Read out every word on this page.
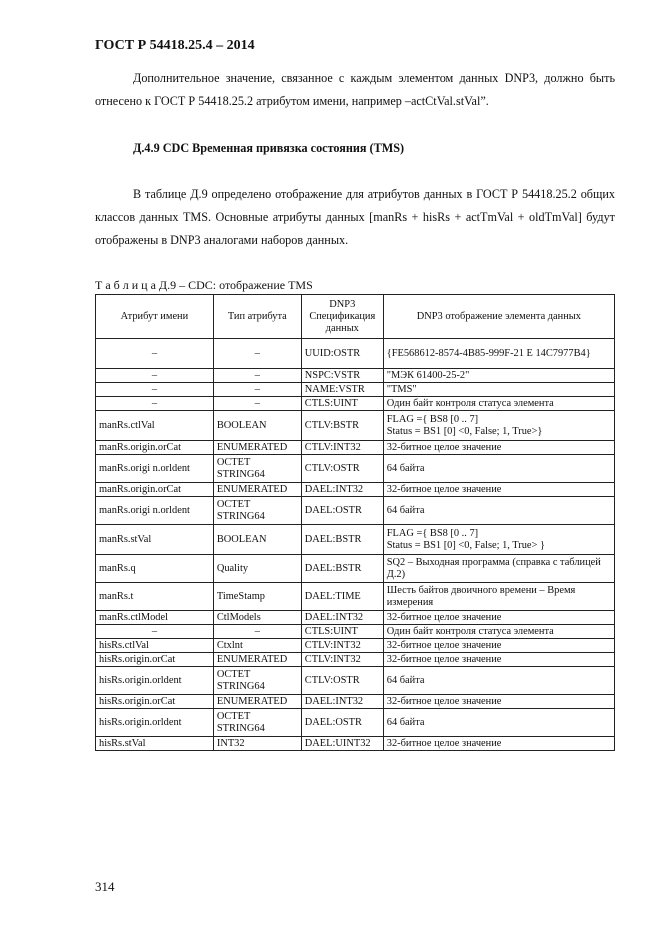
ГОСТ Р 54418.25.4 – 2014
Дополнительное значение, связанное с каждым элементом данных DNP3, должно быть отнесено к ГОСТ Р 54418.25.2 атрибутом имени, например –actCtVal.stVal”.
Д.4.9 CDC Временная привязка состояния (TMS)
В таблице Д.9 определено отображение для атрибутов данных в ГОСТ Р 54418.25.2 общих классов данных TMS. Основные атрибуты данных [manRs + hisRs + actTmVal + oldTmVal] будут отображены в DNP3 аналогами наборов данных.
Т а б л и ц а Д.9 – CDC: отображение TMS
Атрибут имени	Тип атрибута	DNP3 Спецификация данных	DNP3 отображение элемента данных
–	–	UUID:OSTR	{FE568612-8574-4B85-999F-21 E 14C7977B4}
–	–	NSPC:VSTR	"МЭК 61400-25-2"
–	–	NAME:VSTR	"TMS"
–	–	CTLS:UINT	Один байт контроля статуса элемента
manRs.ctlVal	BOOLEAN	CTLV:BSTR	FLAG ={ BS8 [0 .. 7]
Status = BS1 [0] <0, False; 1, True>}
manRs.origin.orCat	ENUMERATED	CTLV:INT32	32-битное целое значение
manRs.origi n.orldent	OCTET STRING64	CTLV:OSTR	64 байта
manRs.origin.orCat	ENUMERATED	DAEL:INT32	32-битное целое значение
manRs.origi n.orldent	OCTET STRING64	DAEL:OSTR	64 байта
manRs.stVal	BOOLEAN	DAEL:BSTR	FLAG ={ BS8 [0 .. 7]
Status = BS1 [0] <0, False; 1, True> }
manRs.q	Quality	DAEL:BSTR	SQ2 – Выходная программа (справка с таблицей Д.2)
manRs.t	TimeStamp	DAEL:TIME	Шесть байтов двоичного времени – Время измерения
manRs.ctlModel	CtlModels	DAEL:INT32	32-битное целое значение
–	–	CTLS:UINT	Один байт контроля статуса элемента
hisRs.ctlVal	Ctxlnt	CTLV:INT32	32-битное целое значение
hisRs.origin.orCat	ENUMERATED	CTLV:INT32	32-битное целое значение
hisRs.origin.orldent	OCTET STRING64	CTLV:OSTR	64 байта
hisRs.origin.orCat	ENUMERATED	DAEL:INT32	32-битное целое значение
hisRs.origin.orldent	OCTET STRING64	DAEL:OSTR	64 байта
hisRs.stVal	INT32	DAEL:UINT32	32-битное целое значение
314
